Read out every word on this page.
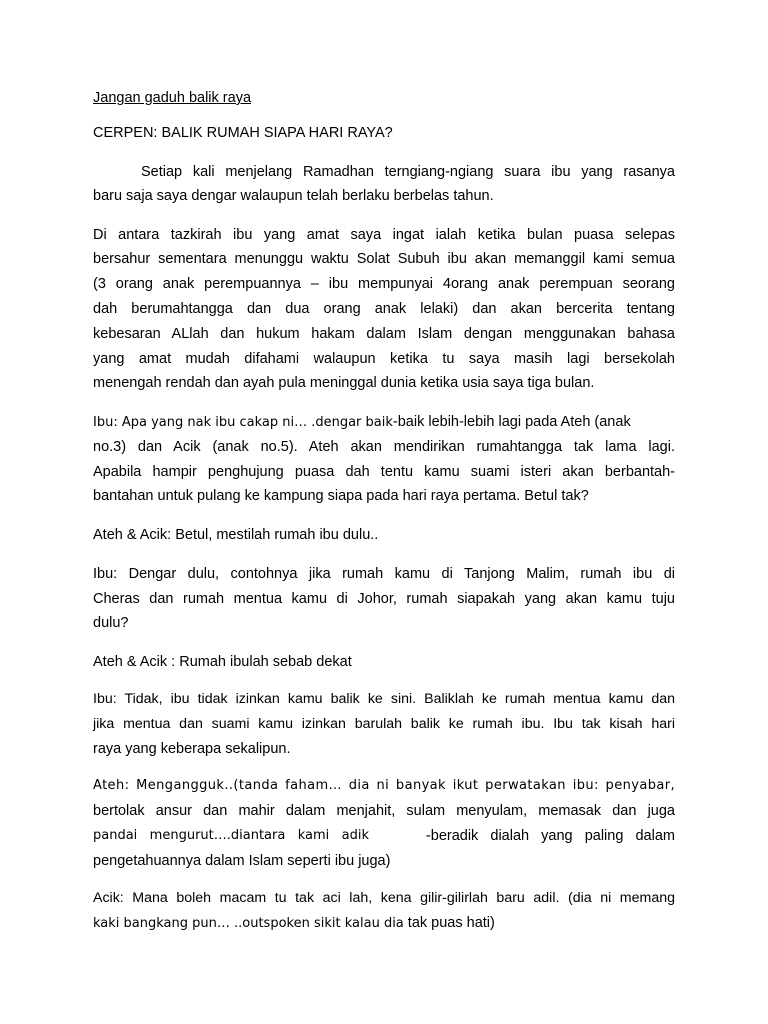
Jangan gaduh balik raya
CERPEN: BALIK RUMAH SIAPA HARI RAYA?
Setiap kali menjelang Ramadhan terngiang-ngiang suara ibu yang rasanya
baru saja saya dengar walaupun telah berlaku berbelas tahun.
Di antara tazkirah ibu yang amat saya ingat ialah ketika bulan puasa selepas
bersahur sementara menunggu waktu Solat Subuh ibu akan memanggil kami semua
(3 orang anak perempuannya – ibu mempunyai 4orang anak perempuan seorang
dah berumahtangga dan dua orang anak lelaki) dan akan bercerita tentang
kebesaran ALlah dan hukum hakam dalam Islam dengan menggunakan bahasa
yang amat mudah difahami walaupun ketika tu saya masih lagi bersekolah
menengah rendah dan ayah pula meninggal dunia ketika usia saya tiga bulan.
Ibu: Apa yang nak ibu cakap ni… .dengar baik-baik lebih-lebih lagi pada Ateh (anak
no.3) dan Acik (anak no.5). Ateh akan mendirikan rumahtangga tak lama lagi.
Apabila hampir penghujung puasa dah tentu kamu suami isteri akan berbantah-
bantahan untuk pulang ke kampung siapa pada hari raya pertama. Betul tak?
Ateh & Acik: Betul, mestilah rumah ibu dulu..
Ibu: Dengar dulu, contohnya jika rumah kamu di Tanjong Malim, rumah ibu di
Cheras dan rumah mentua kamu di Johor, rumah siapakah yang akan kamu tuju
dulu?
Ateh & Acik : Rumah ibulah sebab dekat
Ibu: Tidak, ibu tidak izinkan kamu balik ke sini. Baliklah ke rumah mentua kamu dan
jika mentua dan suami kamu izinkan barulah balik ke rumah ibu. Ibu tak kisah hari
raya yang keberapa sekalipun.
Ateh: Mengangguk..(tanda faham… dia ni banyak ikut perwatakan ibu: penyabar,
bertolak ansur dan mahir dalam menjahit, sulam menyulam, memasak dan juga
pandai   mengurut….diantara   kami   adik	-beradik   dialah   yang   paling   dalam
pengetahuannya dalam Islam seperti ibu juga)
Acik: Mana boleh macam tu tak aci lah, kena gilir-gilirlah baru adil. (dia ni memang
kaki bangkang pun… ..outspoken sikit kalau dia tak puas hati)
